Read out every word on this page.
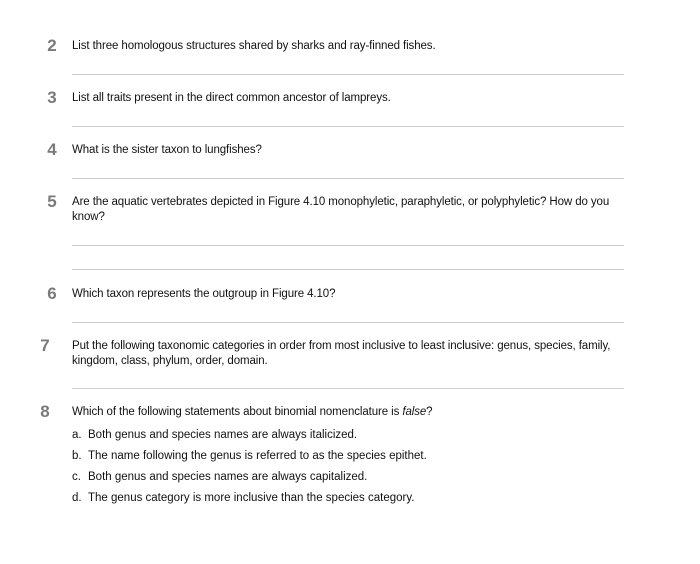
2	List three homologous structures shared by sharks and ray-finned fishes.
3	List all traits present in the direct common ancestor of lampreys.
4	What is the sister taxon to lungfishes?
5	Are the aquatic vertebrates depicted in Figure 4.10 monophyletic, paraphyletic, or polyphyletic? How do you know?
6	Which taxon represents the outgroup in Figure 4.10?
7	Put the following taxonomic categories in order from most inclusive to least inclusive: genus, species, family, kingdom, class, phylum, order, domain.
8	Which of the following statements about binomial nomenclature is false?
a. Both genus and species names are always italicized.
b. The name following the genus is referred to as the species epithet.
c. Both genus and species names are always capitalized.
d. The genus category is more inclusive than the species category.
